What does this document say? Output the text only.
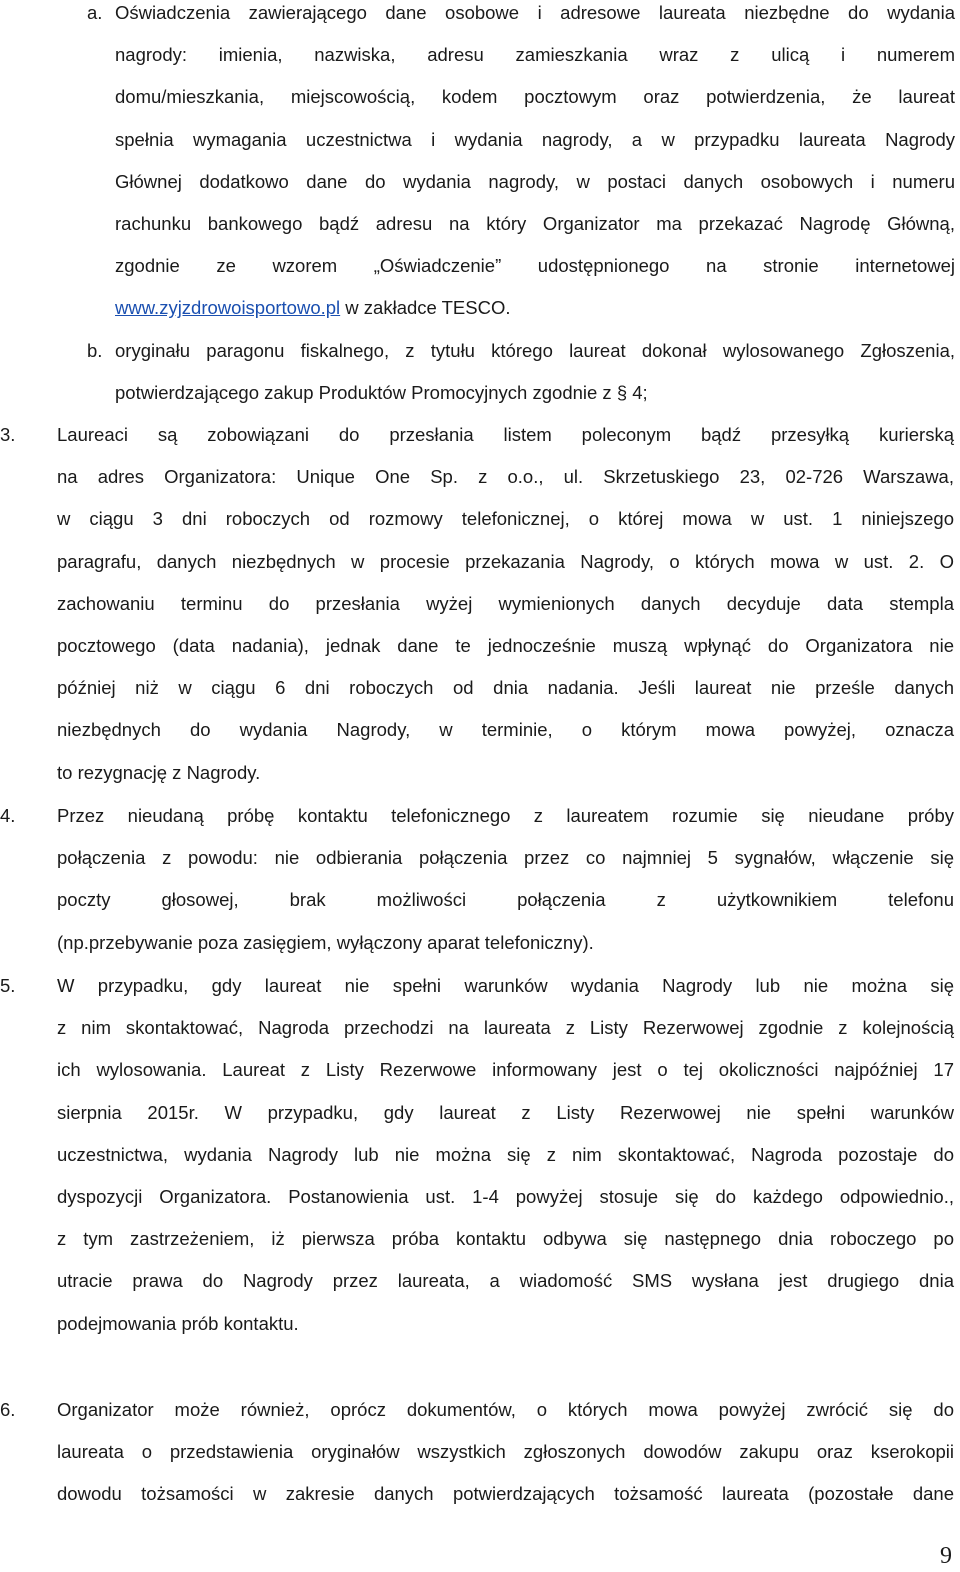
a. Oświadczenia zawierającego dane osobowe i adresowe laureata niezbędne do wydania
nagrody: imienia, nazwiska, adresu zamieszkania wraz z ulicą i numerem
domu/mieszkania, miejscowością, kodem pocztowym oraz potwierdzenia, że laureat
spełnia wymagania uczestnictwa i wydania nagrody, a w przypadku laureata Nagrody
Głównej dodatkowo dane do wydania nagrody, w postaci danych osobowych i numeru
rachunku bankowego bądź adresu na który Organizator ma przekazać Nagrodę Główną,
zgodnie ze wzorem „Oświadczenie” udostępnionego na stronie internetowej
www.zyjzdrowoisportowo.pl w zakładce TESCO.
b. oryginału paragonu fiskalnego, z tytułu którego laureat dokonał wylosowanego Zgłoszenia,
potwierdzającego zakup Produktów Promocyjnych zgodnie z § 4;
3. Laureaci są zobowiązani do przesłania listem poleconym bądź przesyłką kurierską
na adres Organizatora: Unique One Sp. z o.o., ul. Skrzetuskiego 23, 02-726 Warszawa,
w ciągu 3 dni roboczych od rozmowy telefonicznej, o której mowa w ust. 1 niniejszego
paragrafu, danych niezbędnych w procesie przekazania Nagrody, o których mowa w ust. 2. O
zachowaniu terminu do przesłania wyżej wymienionych danych decyduje data stempla
pocztowego (data nadania), jednak dane te jednocześnie muszą wpłynąć do Organizatora nie
później niż w ciągu 6 dni roboczych od dnia nadania. Jeśli laureat nie prześle danych
niezbędnych do wydania Nagrody, w terminie, o którym mowa powyżej, oznacza
to rezygnację z Nagrody.
4. Przez nieudaną próbę kontaktu telefonicznego z laureatem rozumie się nieudane próby
połączenia z powodu: nie odbierania połączenia przez co najmniej 5 sygnałów, włączenie się
poczty głosowej, brak możliwości połączenia z użytkownikiem telefonu
(np.przebywanie poza zasięgiem, wyłączony aparat telefoniczny).
5. W przypadku, gdy laureat nie spełni warunków wydania Nagrody lub nie można się
z nim skontaktować, Nagroda przechodzi na laureata z Listy Rezerwowej zgodnie z kolejnością
ich wylosowania. Laureat z Listy Rezerwowe informowany jest o tej okoliczności najpóźniej 17
sierpnia 2015r. W przypadku, gdy laureat z Listy Rezerwowej nie spełni warunków
uczestnictwa, wydania Nagrody lub nie można się z nim skontaktować, Nagroda pozostaje do
dyspozycji Organizatora. Postanowienia ust. 1-4 powyżej stosuje się do każdego odpowiednio.,
z tym zastrzeżeniem, iż pierwsza próba kontaktu odbywa się następnego dnia roboczego po
utracie prawa do Nagrody przez laureata, a wiadomość SMS wysłana jest drugiego dnia
podejmowania prób kontaktu.
6. Organizator może również, oprócz dokumentów, o których mowa powyżej zwrócić się do
laureata o przedstawienia oryginałów wszystkich zgłoszonych dowodów zakupu oraz kserokopii
dowodu tożsamości w zakresie danych potwierdzających tożsamość laureata (pozostałe dane
9
